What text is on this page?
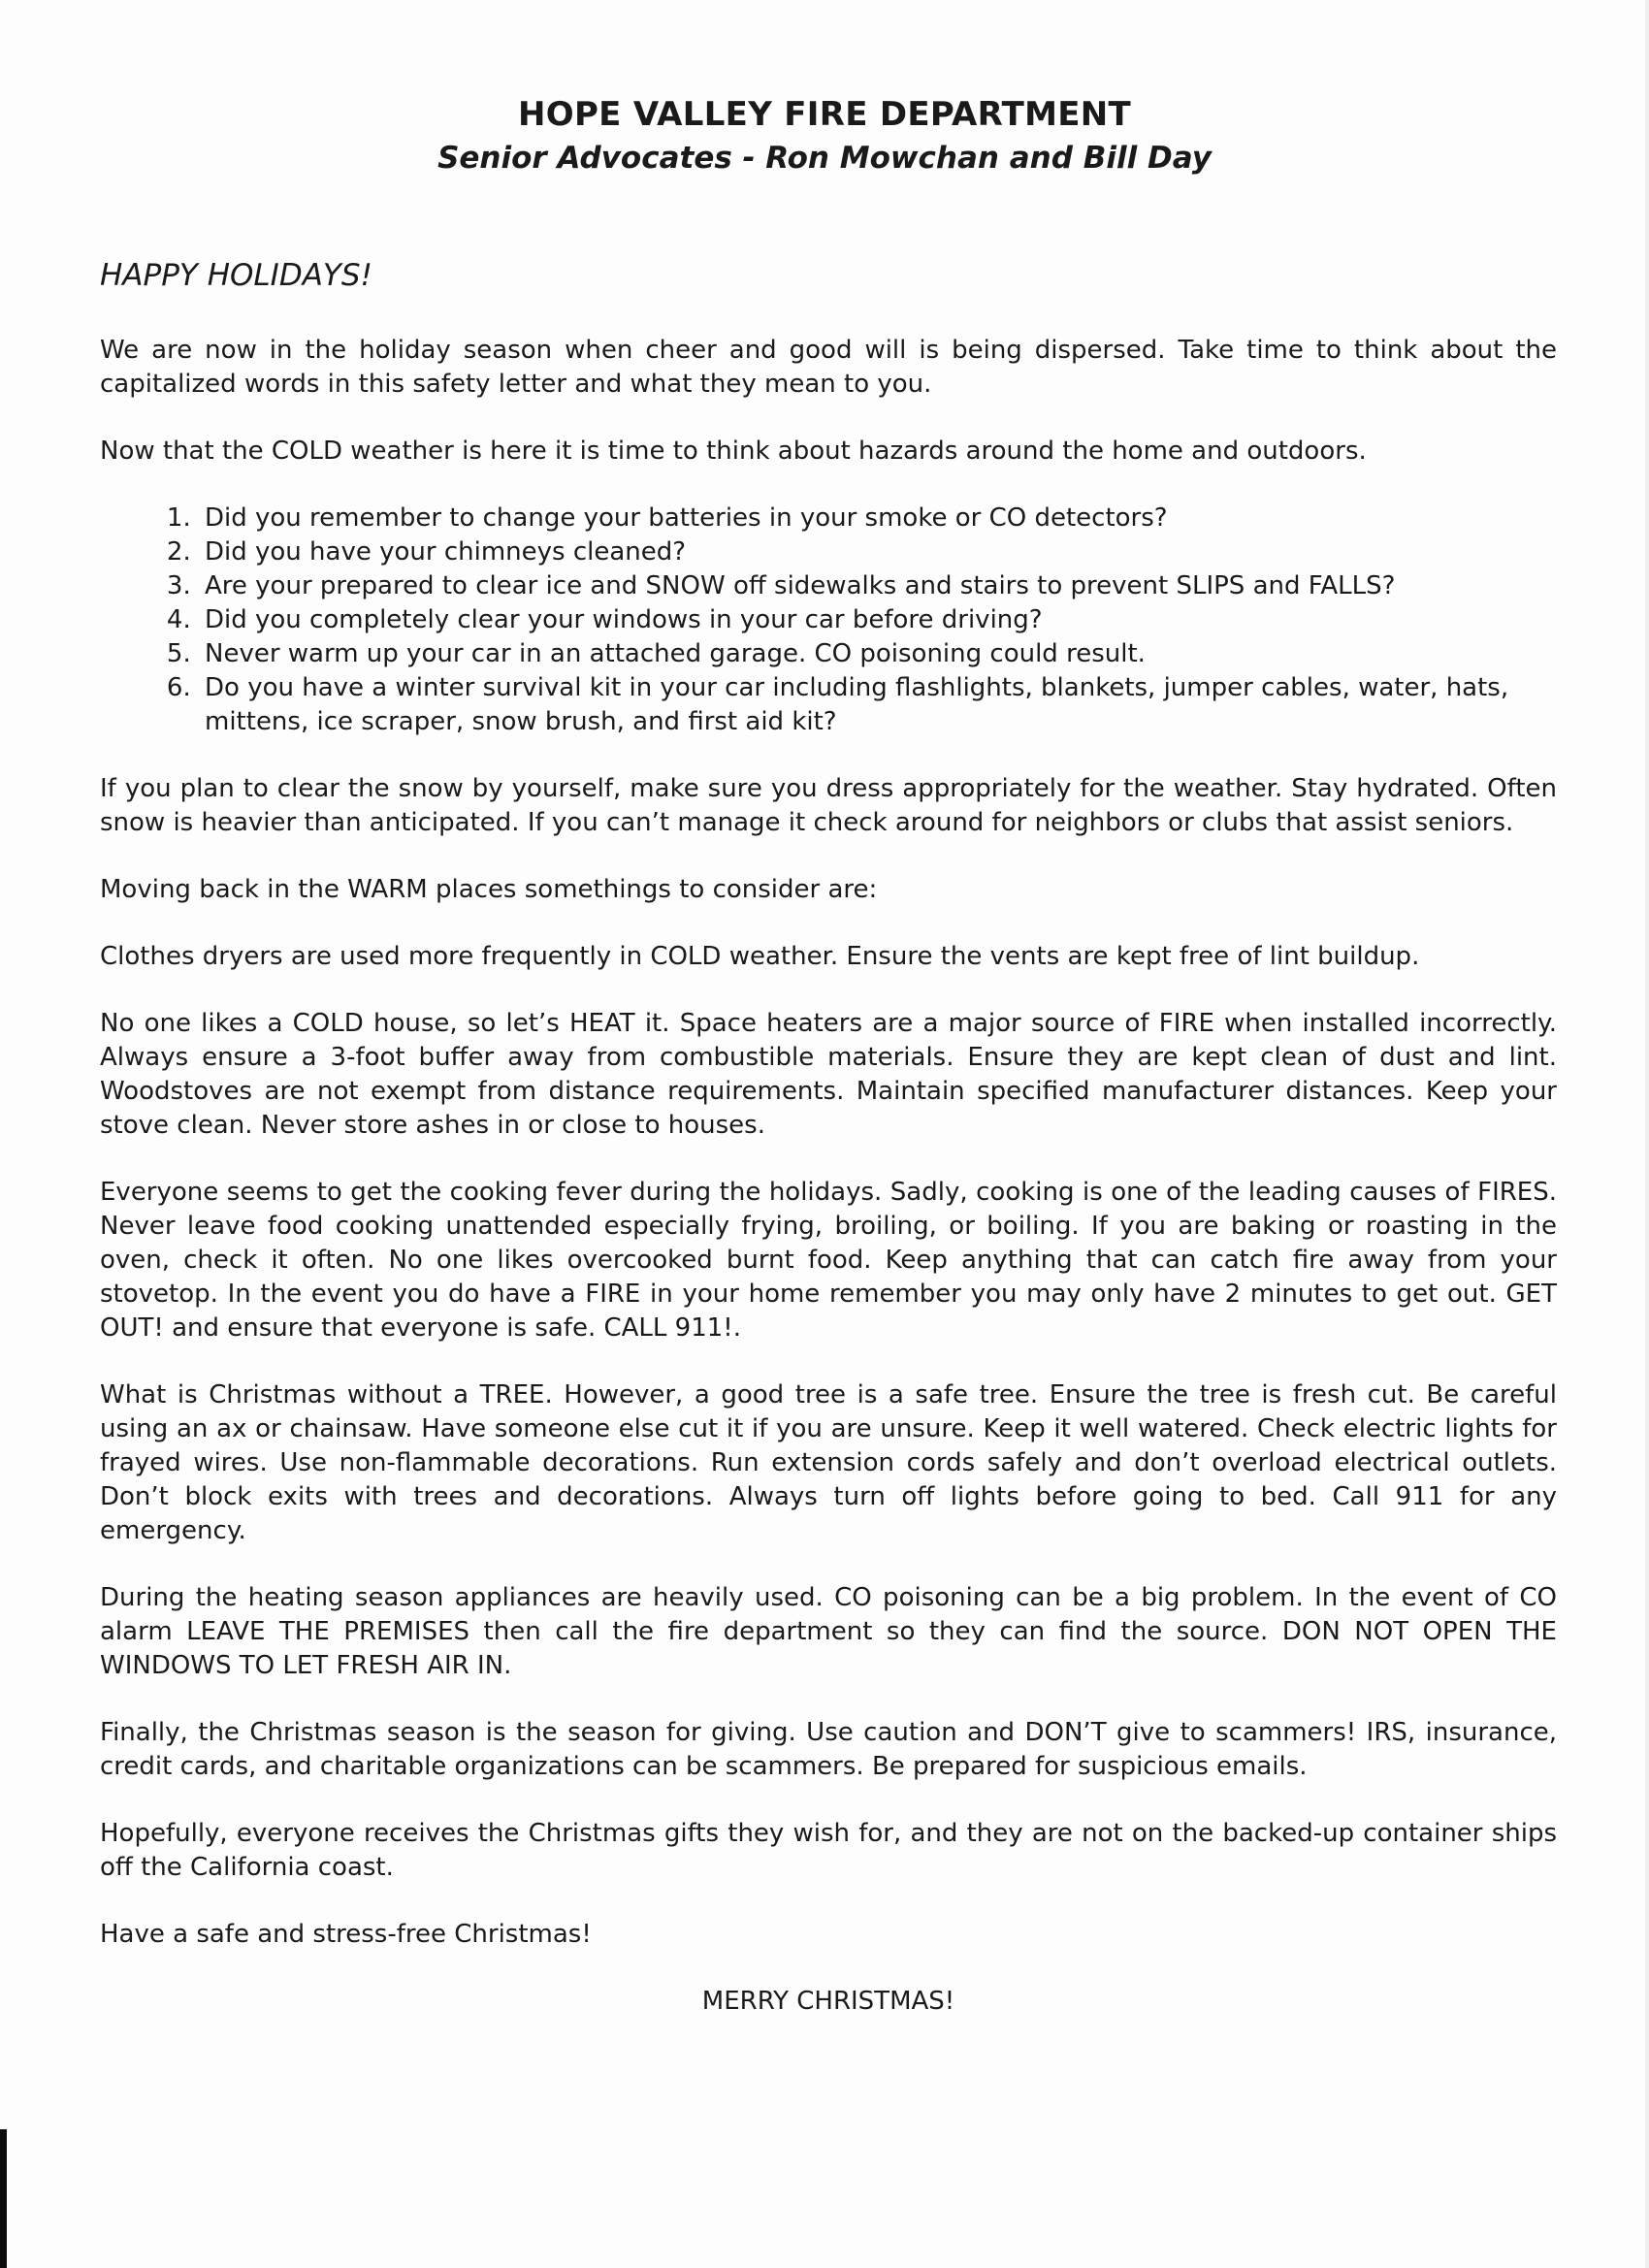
HOPE VALLEY FIRE DEPARTMENT
Senior Advocates - Ron Mowchan and Bill Day
HAPPY HOLIDAYS!

We are now in the holiday season when cheer and good will is being dispersed. Take time to think about the capitalized words in this safety letter and what they mean to you.

Now that the COLD weather is here it is time to think about hazards around the home and outdoors.

1. Did you remember to change your batteries in your smoke or CO detectors?
2. Did you have your chimneys cleaned?
3. Are your prepared to clear ice and SNOW off sidewalks and stairs to prevent SLIPS and FALLS?
4. Did you completely clear your windows in your car before driving?
5. Never warm up your car in an attached garage. CO poisoning could result.
6. Do you have a winter survival kit in your car including flashlights, blankets, jumper cables, water, hats, mittens, ice scraper, snow brush, and first aid kit?

If you plan to clear the snow by yourself, make sure you dress appropriately for the weather. Stay hydrated. Often snow is heavier than anticipated. If you can’t manage it check around for neighbors or clubs that assist seniors.

Moving back in the WARM places somethings to consider are:

Clothes dryers are used more frequently in COLD weather. Ensure the vents are kept free of lint buildup.

No one likes a COLD house, so let’s HEAT it. Space heaters are a major source of FIRE when installed incorrectly. Always ensure a 3-foot buffer away from combustible materials. Ensure they are kept clean of dust and lint. Woodstoves are not exempt from distance requirements. Maintain specified manufacturer distances. Keep your stove clean. Never store ashes in or close to houses.

Everyone seems to get the cooking fever during the holidays. Sadly, cooking is one of the leading causes of FIRES. Never leave food cooking unattended especially frying, broiling, or boiling. If you are baking or roasting in the oven, check it often. No one likes overcooked burnt food. Keep anything that can catch fire away from your stovetop. In the event you do have a FIRE in your home remember you may only have 2 minutes to get out. GET OUT! and ensure that everyone is safe. CALL 911!.

What is Christmas without a TREE. However, a good tree is a safe tree. Ensure the tree is fresh cut. Be careful using an ax or chainsaw. Have someone else cut it if you are unsure. Keep it well watered. Check electric lights for frayed wires. Use non-flammable decorations. Run extension cords safely and don’t overload electrical outlets. Don’t block exits with trees and decorations. Always turn off lights before going to bed. Call 911 for any emergency.

During the heating season appliances are heavily used. CO poisoning can be a big problem. In the event of CO alarm LEAVE THE PREMISES then call the fire department so they can find the source. DON NOT OPEN THE WINDOWS TO LET FRESH AIR IN.

Finally, the Christmas season is the season for giving. Use caution and DON’T give to scammers! IRS, insurance, credit cards, and charitable organizations can be scammers. Be prepared for suspicious emails.

Hopefully, everyone receives the Christmas gifts they wish for, and they are not on the backed-up container ships off the California coast.

Have a safe and stress-free Christmas!
MERRY CHRISTMAS!
